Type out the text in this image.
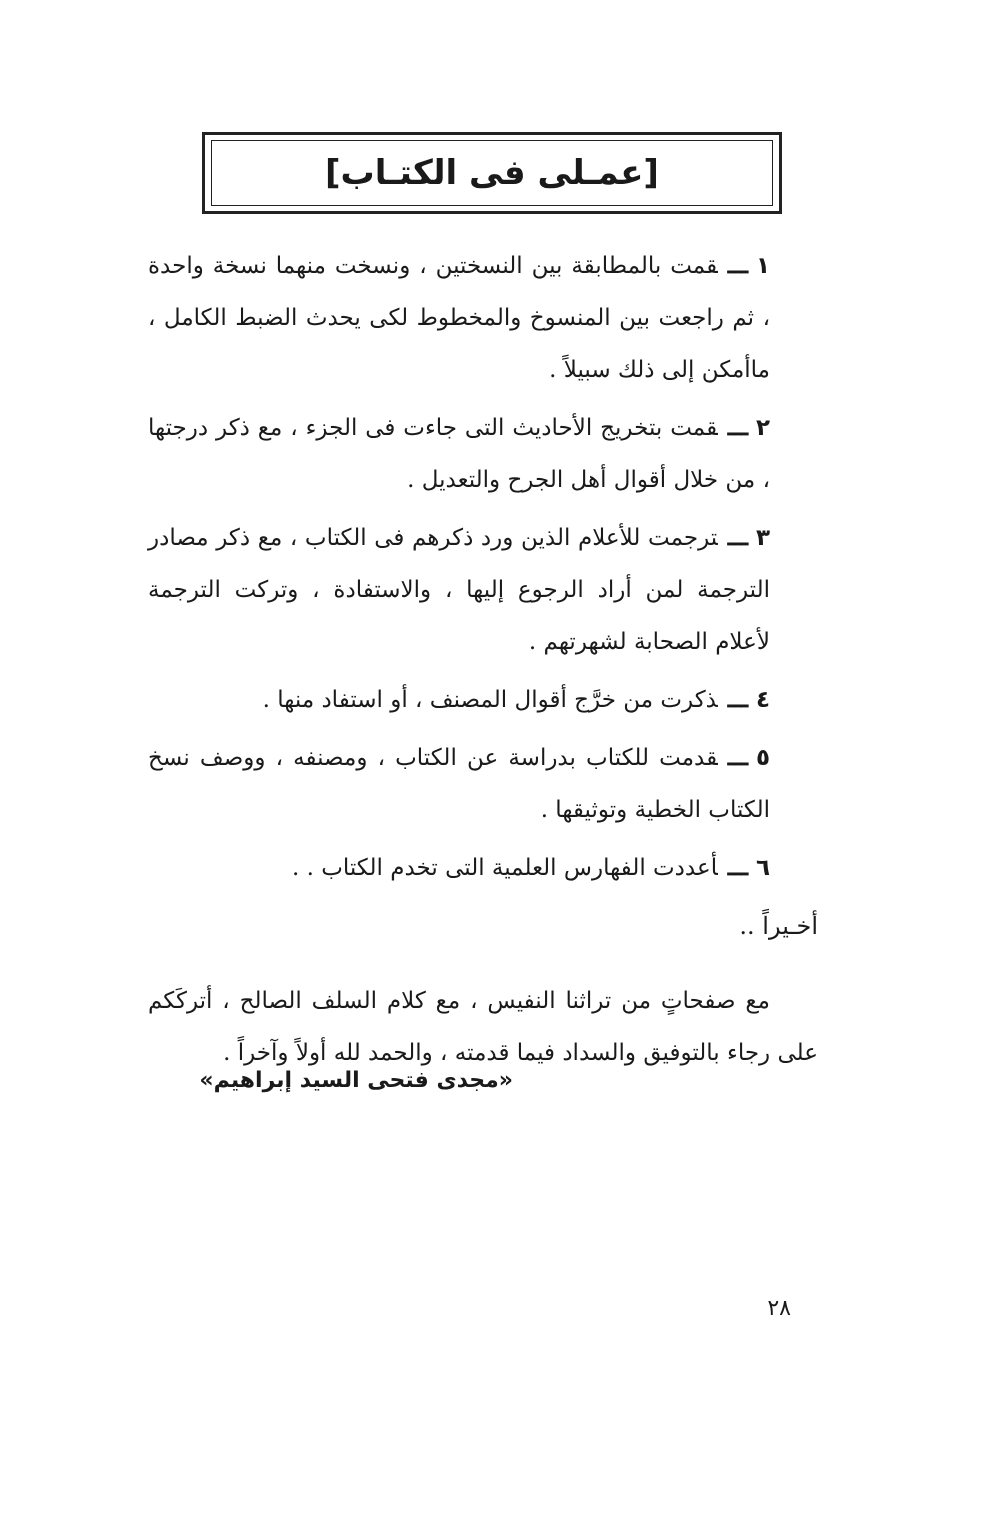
[عمـلى فى الكتـاب]

١ـــقمت بالمطابقة بين النسختين ، ونسخت منهما نسخة واحدة ، ثم راجعت بين المنسوخ والمخطوط لكى يحدث الضبط الكامل ، ماأمكن إلى ذلك سبيلاً .

٢ـــقمت بتخريج الأحاديث التى جاءت فى الجزء ، مع ذكر درجتها ، من خلال أقوال أهل الجرح والتعديل .

٣ـــترجمت للأعلام الذين ورد ذكرهم فى الكتاب ، مع ذكر مصادر الترجمة لمن أراد الرجوع إليها ، والاستفادة ، وتركت الترجمة لأعلام الصحابة لشهرتهم .

٤ـــذكرت من خرَّج أقوال المصنف ، أو استفاد منها .

٥ـــقدمت للكتاب بدراسة عن الكتاب ، ومصنفه ، ووصف نسخ الكتاب الخطية وتوثيقها .

٦ـــأعددت الفهارس العلمية التى تخدم الكتاب . .

أخـيراً ..

مع صفحاتٍ من تراثنا النفيس ، مع كلام السلف الصالح ، أتركَكم على رجاء بالتوفيق والسداد فيما قدمته ، والحمد لله أولاً وآخراً .

«مجدى فتحى السيد إبراهيم»
٢٨
